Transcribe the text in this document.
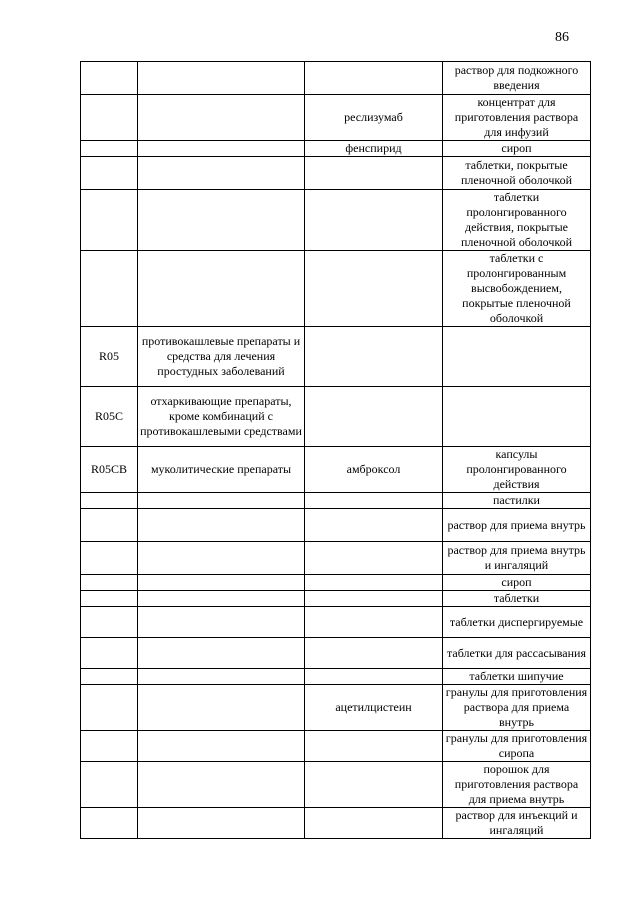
86
			раствор для подкожного введения
		реслизумаб	концентрат для приготовления раствора для инфузий
		фенспирид	сироп
			таблетки, покрытые пленочной оболочкой
			таблетки пролонгированного действия, покрытые пленочной оболочкой
			таблетки с пролонгированным высвобождением, покрытые пленочной оболочкой
R05	противокашлевые препараты и средства для лечения простудных заболеваний		
R05C	отхаркивающие препараты, кроме комбинаций с противокашлевыми средствами		
R05CB	муколитические препараты	амброксол	капсулы пролонгированного действия
			пастилки
			раствор для приема внутрь
			раствор для приема внутрь и ингаляций
			сироп
			таблетки
			таблетки диспергируемые
			таблетки для рассасывания
			таблетки шипучие
		ацетилцистеин	гранулы для приготовления раствора для приема внутрь
			гранулы для приготовления сиропа
			порошок для приготовления раствора для приема внутрь
			раствор для инъекций и ингаляций
